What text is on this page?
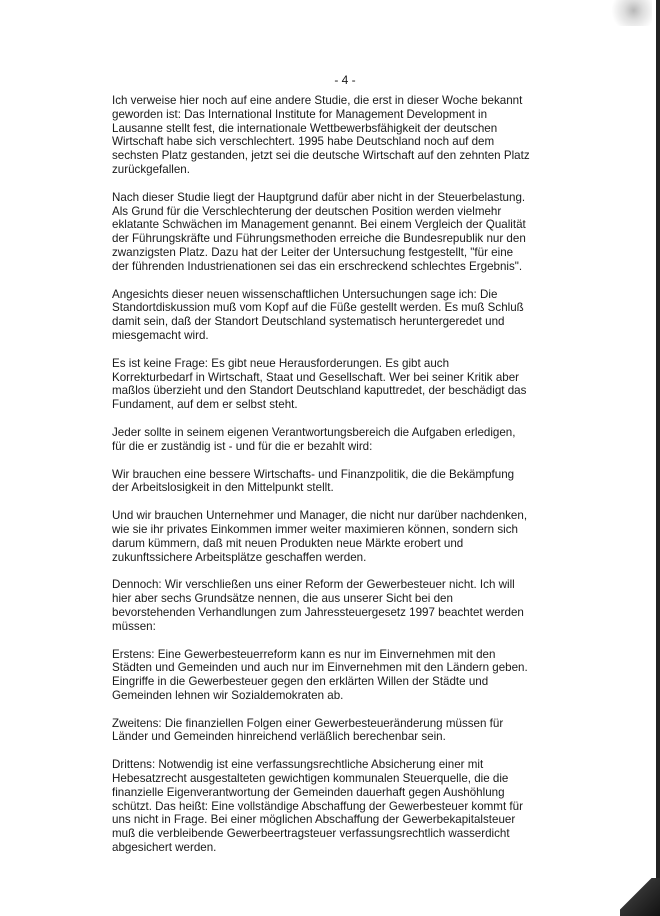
- 4 -

Ich verweise hier noch auf eine andere Studie, die erst in dieser Woche bekannt geworden ist: Das International Institute for Management Development in Lausanne stellt fest, die internationale Wettbewerbsfähigkeit der deutschen Wirtschaft habe sich verschlechtert. 1995 habe Deutschland noch auf dem sechsten Platz gestanden, jetzt sei die deutsche Wirtschaft auf den zehnten Platz zurückgefallen.

Nach dieser Studie liegt der Hauptgrund dafür aber nicht in der Steuerbelastung. Als Grund für die Verschlechterung der deutschen Position werden vielmehr eklatante Schwächen im Management genannt. Bei einem Vergleich der Qualität der Führungskräfte und Führungsmethoden erreiche die Bundesrepublik nur den zwanzigsten Platz. Dazu hat der Leiter der Untersuchung festgestellt, "für eine der führenden Industrienationen sei das ein erschreckend schlechtes Ergebnis".

Angesichts dieser neuen wissenschaftlichen Untersuchungen sage ich: Die Standortdiskussion muß vom Kopf auf die Füße gestellt werden. Es muß Schluß damit sein, daß der Standort Deutschland systematisch heruntergeredet und miesgemacht wird.

Es ist keine Frage: Es gibt neue Herausforderungen. Es gibt auch Korrekturbedarf in Wirtschaft, Staat und Gesellschaft. Wer bei seiner Kritik aber maßlos überzieht und den Standort Deutschland kaputtredet, der beschädigt das Fundament, auf dem er selbst steht.

Jeder sollte in seinem eigenen Verantwortungsbereich die Aufgaben erledigen, für die er zuständig ist - und für die er bezahlt wird:

Wir brauchen eine bessere Wirtschafts- und Finanzpolitik, die die Bekämpfung der Arbeitslosigkeit in den Mittelpunkt stellt.

Und wir brauchen Unternehmer und Manager, die nicht nur darüber nachdenken, wie sie ihr privates Einkommen immer weiter maximieren können, sondern sich darum kümmern, daß mit neuen Produkten neue Märkte erobert und zukunftssichere Arbeitsplätze geschaffen werden.

Dennoch: Wir verschließen uns einer Reform der Gewerbesteuer nicht. Ich will hier aber sechs Grundsätze nennen, die aus unserer Sicht bei den bevorstehenden Verhandlungen zum Jahressteuergesetz 1997 beachtet werden müssen:

Erstens: Eine Gewerbesteuerreform kann es nur im Einvernehmen mit den Städten und Gemeinden und auch nur im Einvernehmen mit den Ländern geben. Eingriffe in die Gewerbesteuer gegen den erklärten Willen der Städte und Gemeinden lehnen wir Sozialdemokraten ab.

Zweitens: Die finanziellen Folgen einer Gewerbesteueränderung müssen für Länder und Gemeinden hinreichend verläßlich berechenbar sein.

Drittens: Notwendig ist eine verfassungsrechtliche Absicherung einer mit Hebesatzrecht ausgestalteten gewichtigen kommunalen Steuerquelle, die die finanzielle Eigenverantwortung der Gemeinden dauerhaft gegen Aushöhlung schützt. Das heißt: Eine vollständige Abschaffung der Gewerbesteuer kommt für uns nicht in Frage. Bei einer möglichen Abschaffung der Gewerbekapitalsteuer muß die verbleibende Gewerbeertragsteuer verfassungsrechtlich wasserdicht abgesichert werden.
